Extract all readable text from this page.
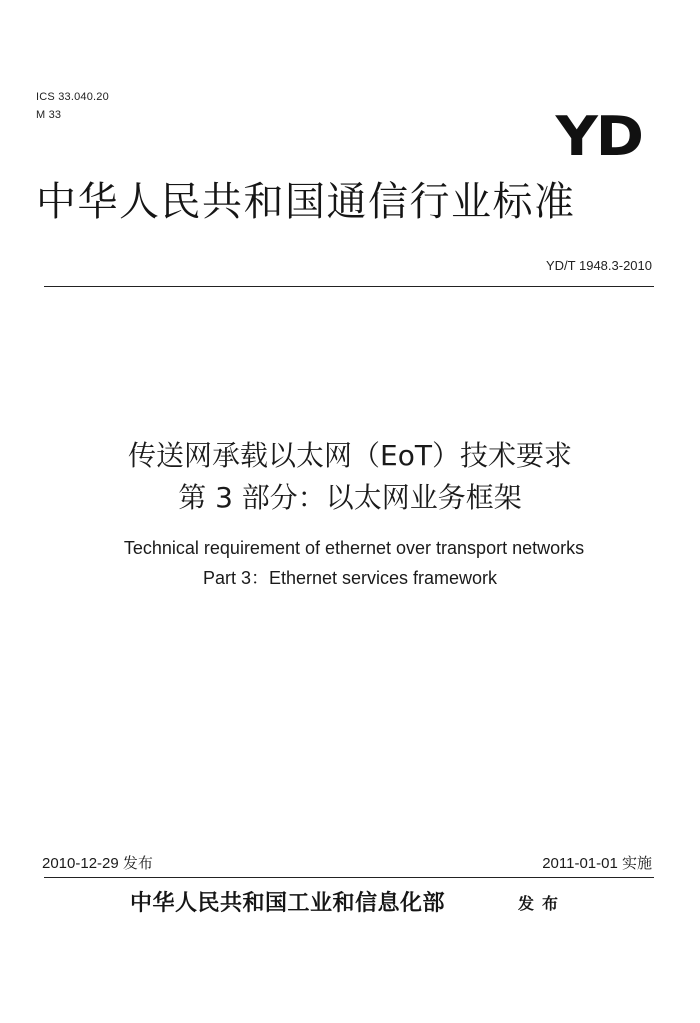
ICS 33.040.20
M 33	YD
中华人民共和国通信行业标准
YD/T 1948.3-2010
传送网承载以太网（EoT）技术要求
第 3 部分：以太网业务框架
Technical requirement of ethernet over transport networks
Part 3：Ethernet services framework
2010-12-29 发布	2011-01-01 实施
中华人民共和国工业和信息化部	发布
